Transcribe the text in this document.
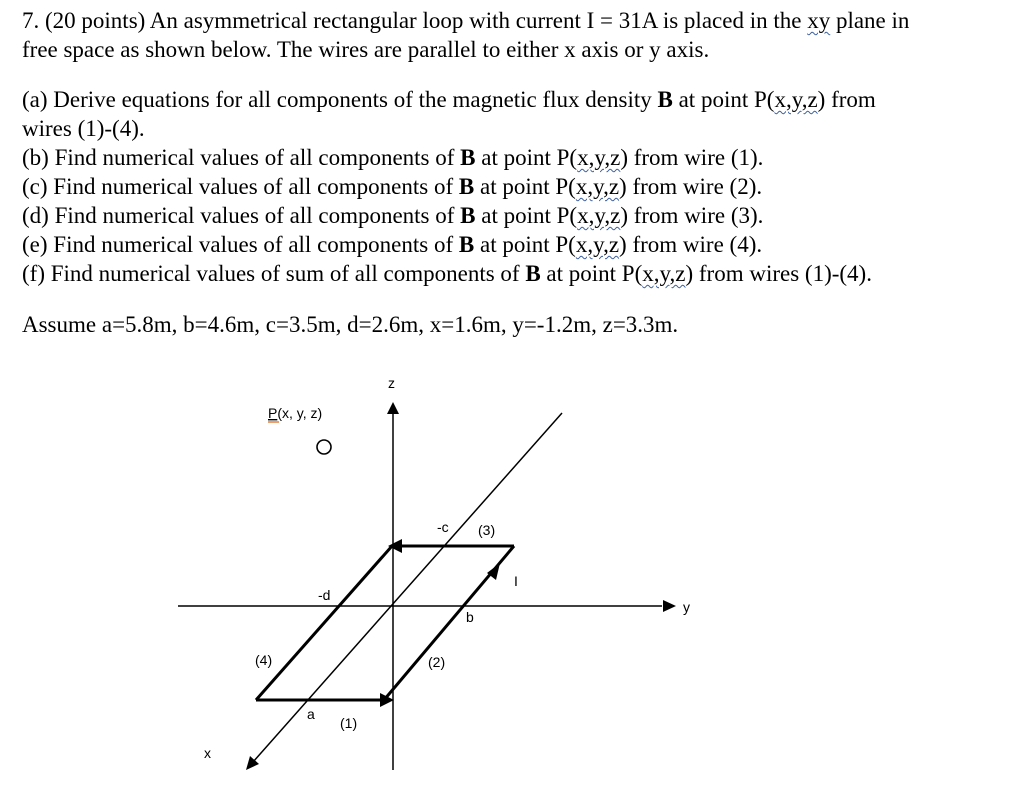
7. (20 points) An asymmetrical rectangular loop with current I = 31A is placed in the xy plane in
free space as shown below. The wires are parallel to either x axis or y axis.
(a) Derive equations for all components of the magnetic flux density B at point P(x,y,z) from
wires (1)-(4).
(b) Find numerical values of all components of B at point P(x,y,z) from wire (1).
(c) Find numerical values of all components of B at point P(x,y,z) from wire (2).
(d) Find numerical values of all components of B at point P(x,y,z) from wire (3).
(e) Find numerical values of all components of B at point P(x,y,z) from wire (4).
(f) Find numerical values of sum of all components of B at point P(x,y,z) from wires (1)-(4).
Assume a=5.8m, b=4.6m, c=3.5m, d=2.6m, x=1.6m, y=-1.2m, z=3.3m.
P(x, y, z)
z
y
x
-c (3)
I
-d
b
(4)	(2)
a
(1)
